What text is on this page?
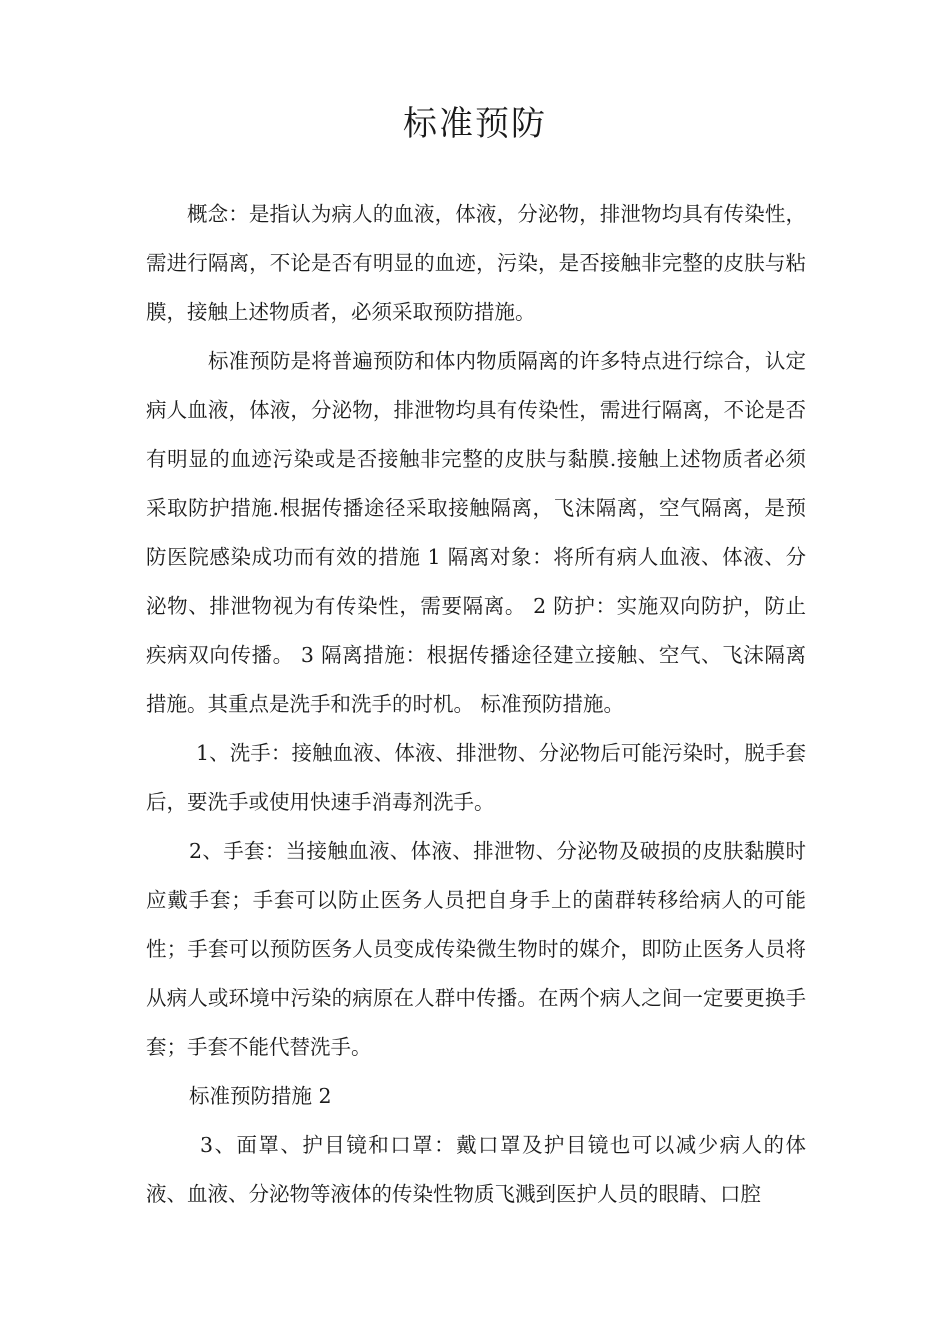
标准预防

概念：是指认为病人的血液，体液，分泌物，排泄物均具有传染性，需进行隔离，不论是否有明显的血迹，污染，是否接触非完整的皮肤与粘膜，接触上述物质者，必须采取预防措施。

标准预防是将普遍预防和体内物质隔离的许多特点进行综合，认定病人血液，体液，分泌物，排泄物均具有传染性，需进行隔离，不论是否有明显的血迹污染或是否接触非完整的皮肤与黏膜.接触上述物质者必须采取防护措施.根据传播途径采取接触隔离，飞沫隔离，空气隔离，是预防医院感染成功而有效的措施 1 隔离对象：将所有病人血液、体液、分泌物、排泄物视为有传染性，需要隔离。 2 防护：实施双向防护，防止疾病双向传播。 3 隔离措施：根据传播途径建立接触、空气、飞沫隔离措施。其重点是洗手和洗手的时机。 标准预防措施。

1、洗手：接触血液、体液、排泄物、分泌物后可能污染时，脱手套后，要洗手或使用快速手消毒剂洗手。

2、手套：当接触血液、体液、排泄物、分泌物及破损的皮肤黏膜时应戴手套；手套可以防止医务人员把自身手上的菌群转移给病人的可能性；手套可以预防医务人员变成传染微生物时的媒介，即防止医务人员将从病人或环境中污染的病原在人群中传播。在两个病人之间一定要更换手套；手套不能代替洗手。

标准预防措施 2

3、面罩、护目镜和口罩：戴口罩及护目镜也可以减少病人的体液、血液、分泌物等液体的传染性物质飞溅到医护人员的眼睛、口腔
